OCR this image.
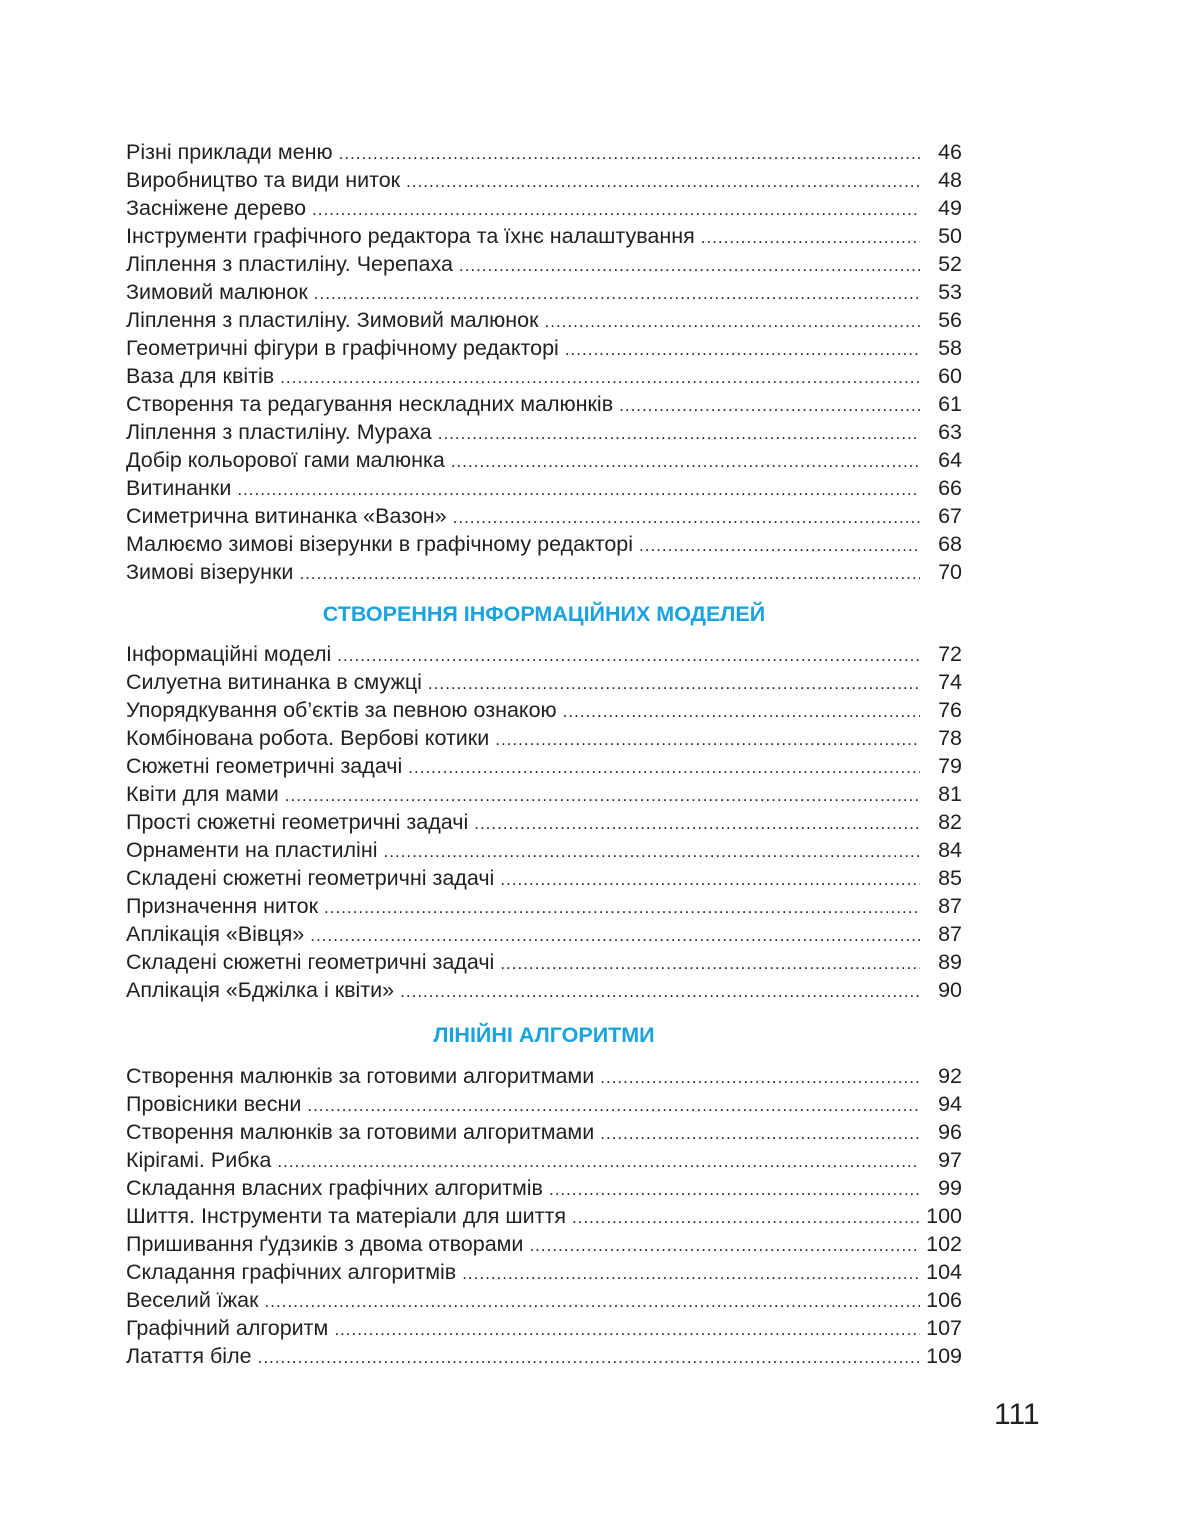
Різні приклади меню .....	46
Виробництво та види ниток .....	48
Засніжене дерево .....	49
Інструменти графічного редактора та їхнє налаштування .....	50
Ліплення з пластиліну. Черепаха .....	52
Зимовий малюнок .....	53
Ліплення з пластиліну. Зимовий малюнок .....	56
Геометричні фігури в графічному редакторі .....	58
Ваза для квітів .....	60
Створення та редагування нескладних малюнків .....	61
Ліплення з пластиліну. Мураха .....	63
Добір кольорової гами малюнка .....	64
Витинанки .....	66
Симетрична витинанка «Вазон» .....	67
Малюємо зимові візерунки в графічному редакторі .....	68
Зимові візерунки .....	70
СТВОРЕННЯ ІНФОРМАЦІЙНИХ МОДЕЛЕЙ
Інформаційні моделі .....	72
Силуетна витинанка в смужці .....	74
Упорядкування об’єктів за певною ознакою .....	76
Комбінована робота. Вербові котики .....	78
Сюжетні геометричні задачі .....	79
Квіти для мами .....	81
Прості сюжетні геометричні задачі .....	82
Орнаменти на пластиліні .....	84
Складені сюжетні геометричні задачі .....	85
Призначення ниток .....	87
Аплікація «Вівця» .....	87
Складені сюжетні геометричні задачі .....	89
Аплікація «Бджілка і квіти» .....	90
ЛІНІЙНІ АЛГОРИТМИ
Створення малюнків за готовими алгоритмами .....	92
Провісники весни .....	94
Створення малюнків за готовими алгоритмами .....	96
Кірігамі. Рибка .....	97
Складання власних графічних алгоритмів .....	99
Шиття. Інструменти та матеріали для шиття .....	100
Пришивання ґудзиків з двома отворами .....	102
Складання графічних алгоритмів .....	104
Веселий їжак .....	106
Графічний алгоритм .....	107
Латаття біле .....	109
111
